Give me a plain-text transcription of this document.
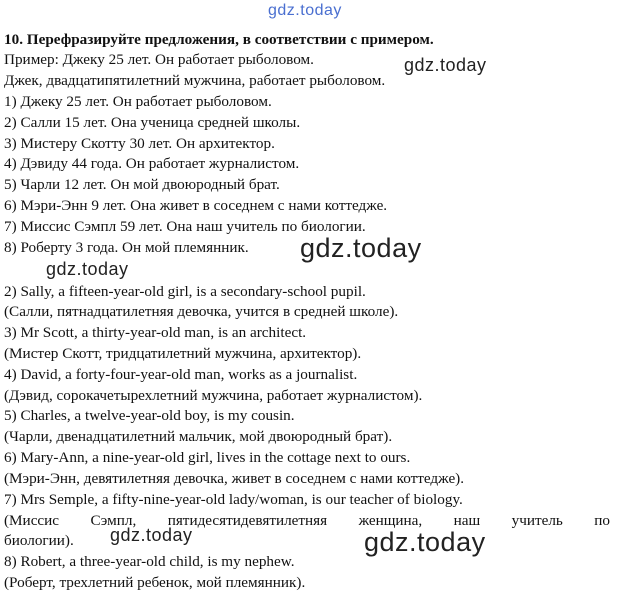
gdz.today
gdz.today
gdz.today
gdz.today
gdz.today	gdz.today
10. Перефразируйте предложения, в соответствии с примером.
Пример: Джеку 25 лет. Он работает рыболовом.
Джек, двадцатипятилетний мужчина, работает рыболовом.
1) Джеку 25 лет. Он работает рыболовом.
2) Салли 15 лет. Она ученица средней школы.
3) Мистеру Скотту 30 лет. Он архитектор.
4) Дэвиду 44 года. Он работает журналистом.
5) Чарли 12 лет. Он мой двоюродный брат.
6) Мэри-Энн 9 лет. Она живет в соседнем с нами коттедже.
7) Миссис Сэмпл 59 лет. Она наш учитель по биологии.
8) Роберту 3 года. Он мой племянник.
2) Sally, a fifteen-year-old girl, is a secondary-school pupil.
(Салли, пятнадцатилетняя девочка, учится в средней школе).
3) Mr Scott, a thirty-year-old man, is an architect.
(Мистер Скотт, тридцатилетний мужчина, архитектор).
4) David, a forty-four-year-old man, works as a journalist.
(Дэвид, сорокачетырехлетний мужчина, работает журналистом).
5) Charles, a twelve-year-old boy, is my cousin.
(Чарли, двенадцатилетний мальчик, мой двоюродный брат).
6) Mary-Ann, a nine-year-old girl, lives in the cottage next to ours.
(Мэри-Энн, девятилетняя девочка, живет в соседнем с нами коттедже).
7) Mrs Semple, a fifty-nine-year-old lady/woman, is our teacher of biology.
(Миссис Сэмпл, пятидесятидевятилетняя женщина, наш учитель по
биологии).
8) Robert, a three-year-old child, is my nephew.
(Роберт, трехлетний ребенок, мой племянник).
